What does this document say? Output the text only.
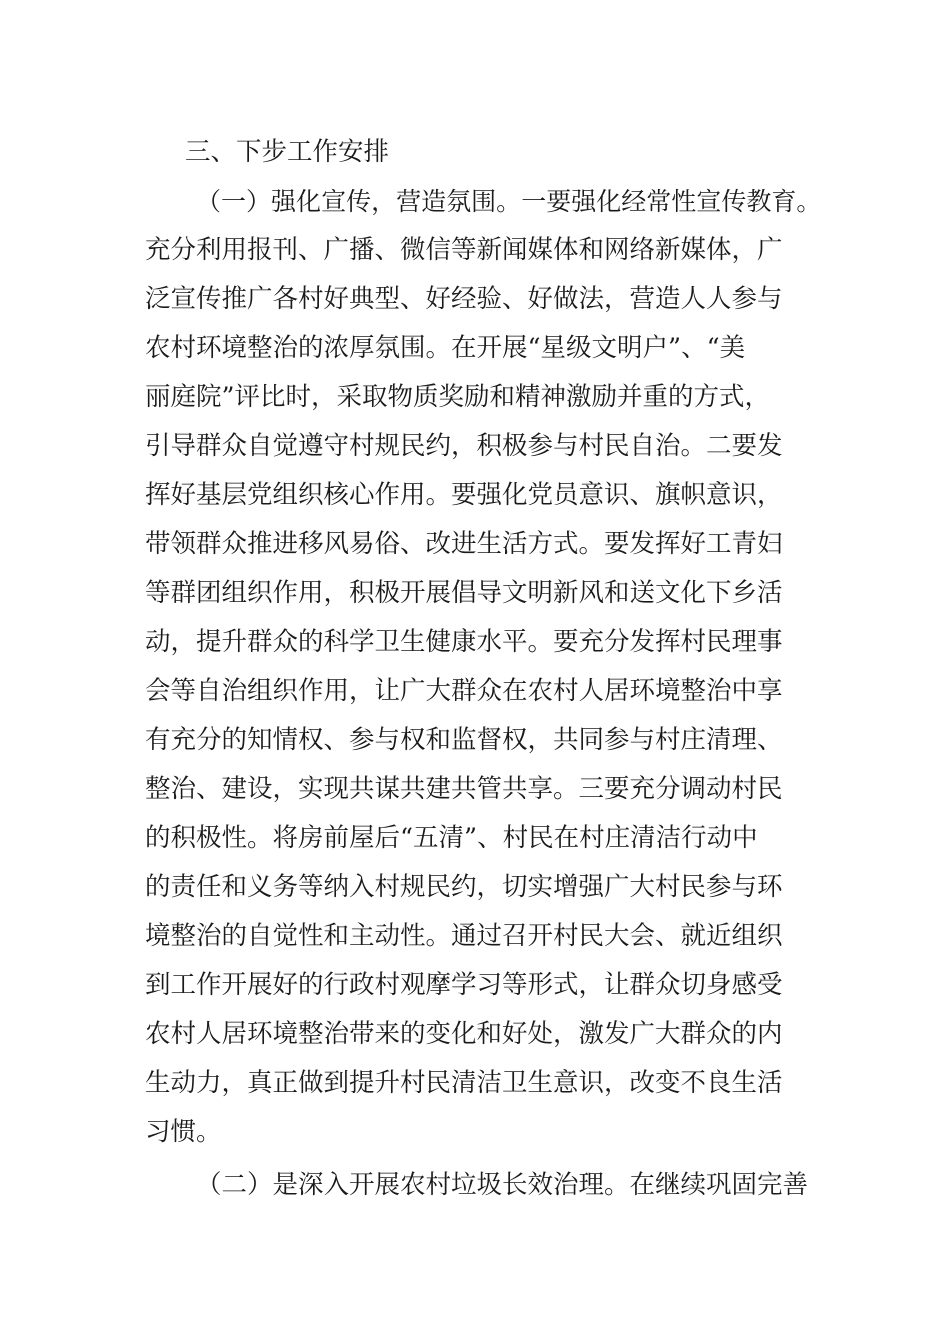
三、下步工作安排

（一）强化宣传，营造氛围。一要强化经常性宣传教育。

充分利用报刊、广播、微信等新闻媒体和网络新媒体，广

泛宣传推广各村好典型、好经验、好做法，营造人人参与

农村环境整治的浓厚氛围。在开展“星级文明户”、“美

丽庭院”评比时，采取物质奖励和精神激励并重的方式，

引导群众自觉遵守村规民约，积极参与村民自治。二要发

挥好基层党组织核心作用。要强化党员意识、旗帜意识，

带领群众推进移风易俗、改进生活方式。要发挥好工青妇

等群团组织作用，积极开展倡导文明新风和送文化下乡活

动，提升群众的科学卫生健康水平。要充分发挥村民理事

会等自治组织作用，让广大群众在农村人居环境整治中享

有充分的知情权、参与权和监督权，共同参与村庄清理、

整治、建设，实现共谋共建共管共享。三要充分调动村民

的积极性。将房前屋后“五清”、村民在村庄清洁行动中

的责任和义务等纳入村规民约，切实增强广大村民参与环

境整治的自觉性和主动性。通过召开村民大会、就近组织

到工作开展好的行政村观摩学习等形式，让群众切身感受

农村人居环境整治带来的变化和好处，激发广大群众的内

生动力，真正做到提升村民清洁卫生意识，改变不良生活

习惯。

（二）是深入开展农村垃圾长效治理。在继续巩固完善
